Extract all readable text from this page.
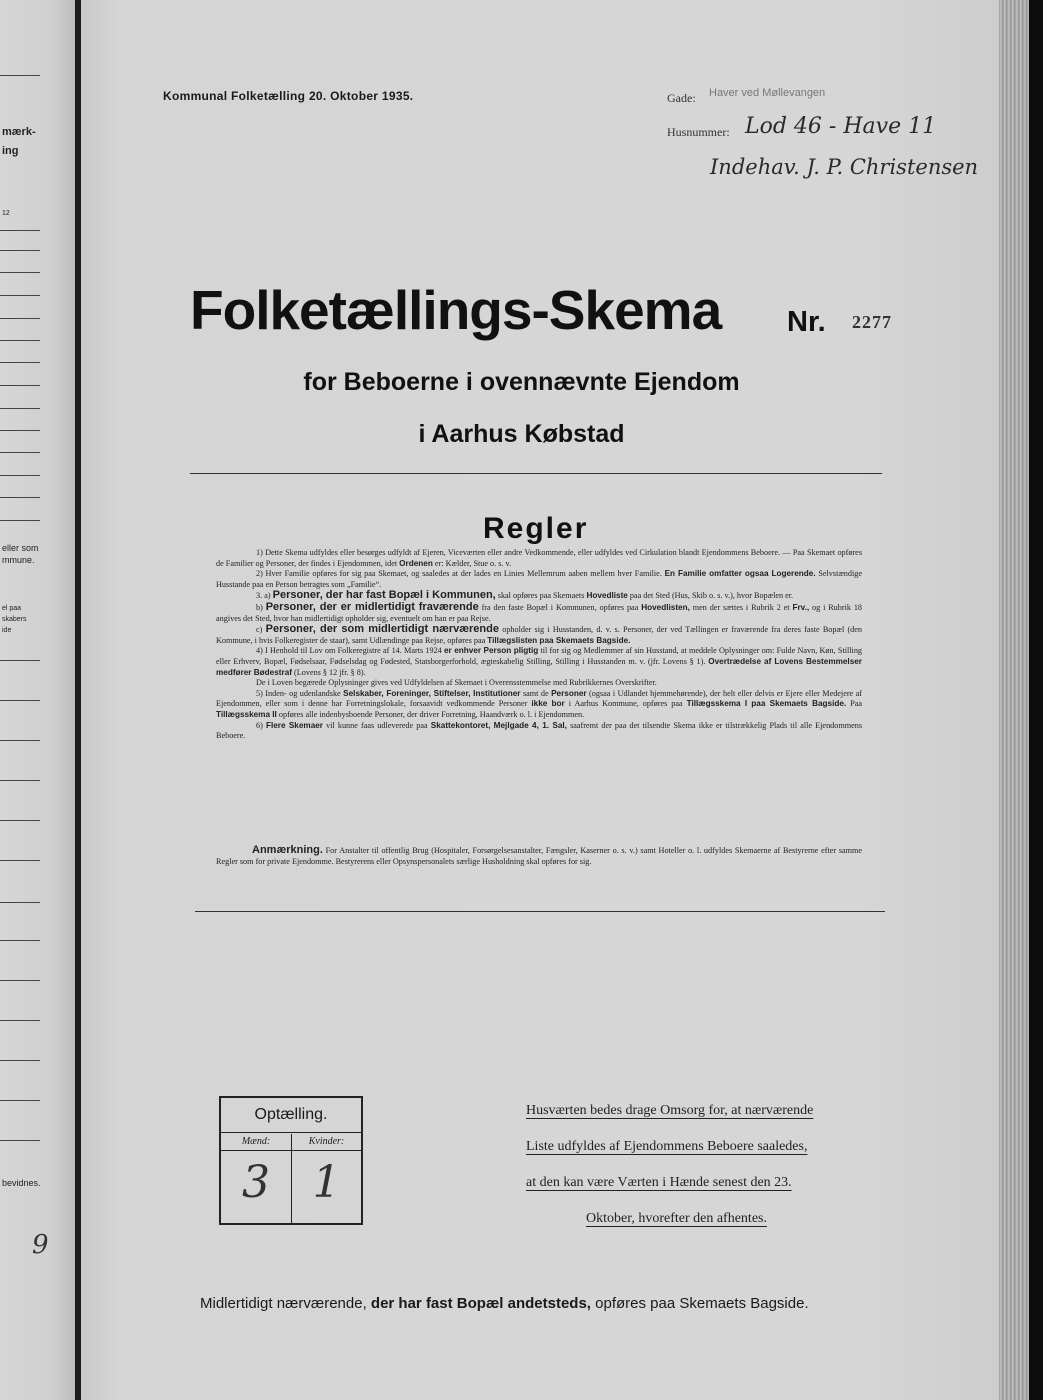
mærk-
ing
12
eller som
mmune.
el paa
skabers
ide
bevidnes.
9
Kommunal Folketælling 20. Oktober 1935.	Gade: Haver ved Møllevangen
Husnummer: Lod 46 - Have 11
Indehav. J. P. Christensen
Folketællings-Skema Nr. 2277
for Beboerne i ovennævnte Ejendom
i Aarhus Købstad
Regler

1) Dette Skema udfyldes eller besørges udfyldt af Ejeren, Viceværten eller andre Vedkommende, eller udfyldes ved Cirkulation blandt Ejendommens Beboere. — Paa Skemaet opføres de Familier og Personer, der findes i Ejendommen, idet Ordenen er: Kælder, Stue o. s. v.

2) Hver Familie opføres for sig paa Skemaet, og saaledes at der lades en Linies Mellemrum aaben mellem hver Familie. En Familie omfatter ogsaa Logerende. Selvstændige Husstande paa en Person betragtes som „Familie“.

3. a) Personer, der har fast Bopæl i Kommunen, skal opføres paa Skemaets Hovedliste paa det Sted (Hus, Skib o. s. v.), hvor Bopælen er.

b) Personer, der er midlertidigt fraværende fra den faste Bopæl i Kommunen, opføres paa Hovedlisten, men der sættes i Rubrik 2 et Frv., og i Rubrik 18 angives det Sted, hvor han midlertidigt opholder sig, eventuelt om han er paa Rejse.

c) Personer, der som midlertidigt nærværende opholder sig i Husstanden, d. v. s. Personer, der ved Tællingen er fraværende fra deres faste Bopæl (den Kommune, i hvis Folkeregister de staar), samt Udlændinge paa Rejse, opføres paa Tillægslisten paa Skemaets Bagside.

4) I Henhold til Lov om Folkeregistre af 14. Marts 1924 er enhver Person pligtig til for sig og Medlemmer af sin Husstand, at meddele Oplysninger om: Fulde Navn, Køn, Stilling eller Erhverv, Bopæl, Fødselsaar, Fødselsdag og Fødested, Statsborgerforhold, ægteskabelig Stilling, Stilling i Husstanden m. v. (jfr. Lovens § 1). Overtrædelse af Lovens Bestemmelser medfører Bødestraf (Lovens § 12 jfr. § 8).

De i Loven begærede Oplysninger gives ved Udfyldelsen af Skemaet i Overensstemmelse med Rubrikkernes Overskrifter.

5) Inden- og udenlandske Selskaber, Foreninger, Stiftelser, Institutioner samt de Personer (ogsaa i Udlandet hjemmehørende), der helt eller delvis er Ejere eller Medejere af Ejendommen, eller som i denne har Forretningslokale, forsaavidt vedkommende Personer ikke bor i Aarhus Kommune, opføres paa Tillægsskema I paa Skemaets Bagside. Paa Tillægsskema II opføres alle indenbysboende Personer, der driver Forretning, Haandværk o. l. i Ejendommen.

6) Flere Skemaer vil kunne faas udleverede paa Skattekontoret, Mejlgade 4, 1. Sal, saafremt der paa det tilsendte Skema ikke er tilstrækkelig Plads til alle Ejendommens Beboere.

Anmærkning. For Anstalter til offentlig Brug (Hospitaler, Forsørgelsesanstalter, Fængsler, Kaserner o. s. v.) samt Hoteller o. l. udfyldes Skemaerne af Bestyrerne efter samme Regler som for private Ejendomme. Bestyrerens eller Opsynspersonalets særlige Husholdning skal opføres for sig.

Optælling.
Mænd:
3
Kvinder:
1
Husværten bedes drage Omsorg for, at nærværende
Liste udfyldes af Ejendommens Beboere saaledes,
at den kan være Værten i Hænde senest den 23.
Oktober, hvorefter den afhentes.
Midlertidigt nærværende, der har fast Bopæl andetsteds, opføres paa Skemaets Bagside.
